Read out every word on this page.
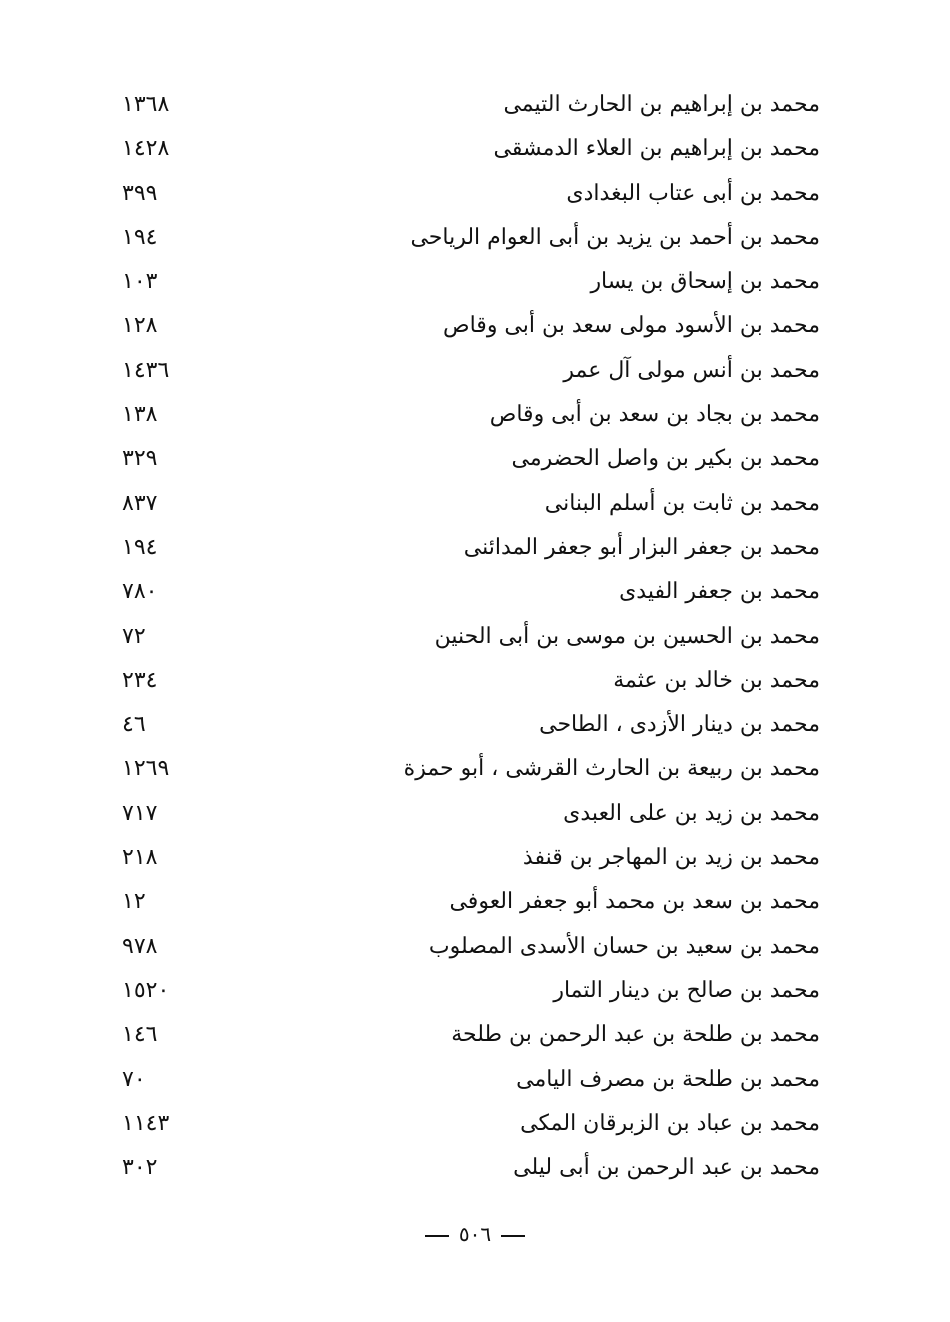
محمد بن إبراهيم بن الحارث التيمى
١٣٦٨
محمد بن إبراهيم بن العلاء الدمشقى
١٤٢٨
محمد بن أبى عتاب البغدادى
٣٩٩
محمد بن أحمد بن يزيد بن أبى العوام الرياحى
١٩٤
محمد بن إسحاق بن يسار
١٠٣
محمد بن الأسود مولى سعد بن أبى وقاص
١٢٨
محمد بن أنس مولى آل عمر
١٤٣٦
محمد بن بجاد بن سعد بن أبى وقاص
١٣٨
محمد بن بكير بن واصل الحضرمى
٣٢٩
محمد بن ثابت بن أسلم البنانى
٨٣٧
محمد بن جعفر البزار أبو جعفر المدائنى
١٩٤
محمد بن جعفر الفيدى
٧٨٠
محمد بن الحسين بن موسى بن أبى الحنين
٧٢
محمد بن خالد بن عثمة
٢٣٤
محمد بن دينار الأزدى ، الطاحى
٤٦
محمد بن ربيعة بن الحارث القرشى ، أبو حمزة
١٢٦٩
محمد بن زيد بن على العبدى
٧١٧
محمد بن زيد بن المهاجر بن قنفذ
٢١٨
محمد بن سعد بن محمد أبو جعفر العوفى
١٢
محمد بن سعيد بن حسان الأسدى المصلوب
٩٧٨
محمد بن صالح بن دينار التمار
١٥٢٠
محمد بن طلحة بن عبد الرحمن بن طلحة
١٤٦
محمد بن طلحة بن مصرف اليامى
٧٠
محمد بن عباد بن الزبرقان المكى
١١٤٣
محمد بن عبد الرحمن بن أبى ليلى
٣٠٢
٥٠٦
